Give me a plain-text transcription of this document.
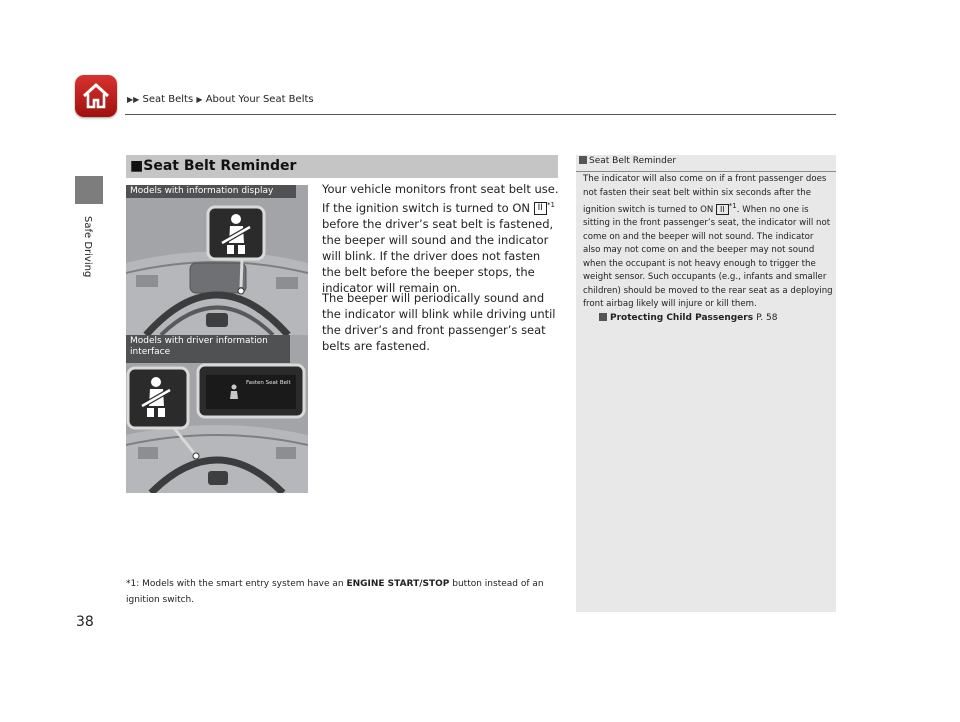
▶▶ Seat Belts ▶ About Your Seat Belts
Safe Driving
38
■Seat Belt Reminder
Models with information display
Fasten Seat Belt
Models with driver information interface
Your vehicle monitors front seat belt use. If the ignition switch is turned to ON II $^{*1}$ before the driver’s seat belt is fastened, the beeper will sound and the indicator will blink. If the driver does not fasten the belt before the beeper stops, the indicator will remain on.
The beeper will periodically sound and the indicator will blink while driving until the driver’s and front passenger’s seat belts are fastened.
*1: Models with the smart entry system have an ENGINE START/STOP button instead of an ignition switch.
Seat Belt Reminder
The indicator will also come on if a front passenger does not fasten their seat belt within six seconds after the ignition switch is turned to ON II $^{*1}$. When no one is sitting in the front passenger’s seat, the indicator will not come on and the beeper will not sound. The indicator also may not come on and the beeper may not sound when the occupant is not heavy enough to trigger the weight sensor. Such occupants (e.g., infants and smaller children) should be moved to the rear seat as a deploying front airbag likely will injure or kill them.
Protecting Child Passengers P. 58
